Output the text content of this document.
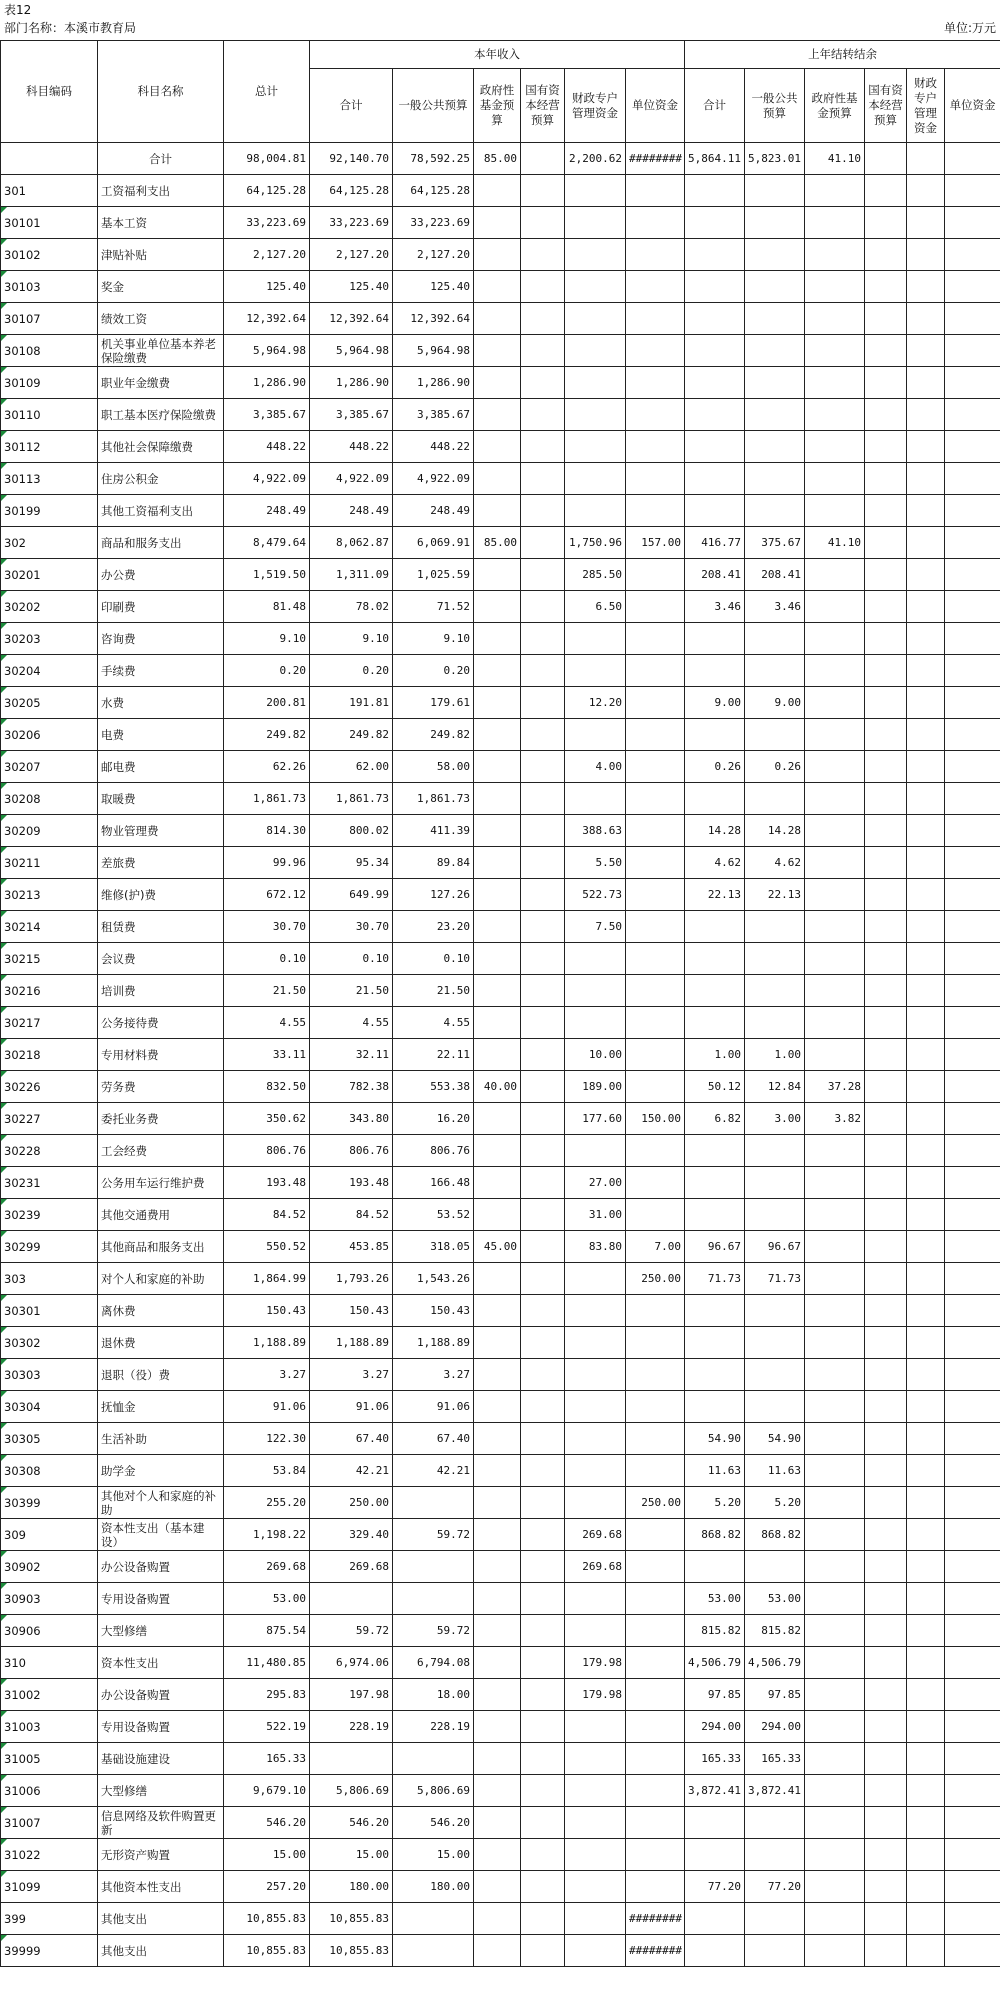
表12
部门名称：本溪市教育局	单位:万元
科目编码	科目名称	总计	本年收入						上年结转结余					
			合计	一般公共预算	政府性基金预算	国有资本经营预算	财政专户管理资金	单位资金	合计	一般公共预算	政府性基金预算	国有资本经营预算	财政专户管理资金	单位资金
	合计	98,004.81	92,140.70	78,592.25	85.00		2,200.62	########	5,864.11	5,823.01	41.10			
301	工资福利支出	64,125.28	64,125.28	64,125.28										
30101	基本工资	33,223.69	33,223.69	33,223.69										
30102	津贴补贴	2,127.20	2,127.20	2,127.20										
30103	奖金	125.40	125.40	125.40										
30107	绩效工资	12,392.64	12,392.64	12,392.64										
30108	机关事业单位基本养老保险缴费	5,964.98	5,964.98	5,964.98										
30109	职业年金缴费	1,286.90	1,286.90	1,286.90										
30110	职工基本医疗保险缴费	3,385.67	3,385.67	3,385.67										
30112	其他社会保障缴费	448.22	448.22	448.22										
30113	住房公积金	4,922.09	4,922.09	4,922.09										
30199	其他工资福利支出	248.49	248.49	248.49										
302	商品和服务支出	8,479.64	8,062.87	6,069.91	85.00		1,750.96	157.00	416.77	375.67	41.10			
30201	办公费	1,519.50	1,311.09	1,025.59			285.50		208.41	208.41				
30202	印刷费	81.48	78.02	71.52			6.50		3.46	3.46				
30203	咨询费	9.10	9.10	9.10										
30204	手续费	0.20	0.20	0.20										
30205	水费	200.81	191.81	179.61			12.20		9.00	9.00				
30206	电费	249.82	249.82	249.82										
30207	邮电费	62.26	62.00	58.00			4.00		0.26	0.26				
30208	取暖费	1,861.73	1,861.73	1,861.73										
30209	物业管理费	814.30	800.02	411.39			388.63		14.28	14.28				
30211	差旅费	99.96	95.34	89.84			5.50		4.62	4.62				
30213	维修(护)费	672.12	649.99	127.26			522.73		22.13	22.13				
30214	租赁费	30.70	30.70	23.20			7.50							
30215	会议费	0.10	0.10	0.10										
30216	培训费	21.50	21.50	21.50										
30217	公务接待费	4.55	4.55	4.55										
30218	专用材料费	33.11	32.11	22.11			10.00		1.00	1.00				
30226	劳务费	832.50	782.38	553.38	40.00		189.00		50.12	12.84	37.28			
30227	委托业务费	350.62	343.80	16.20			177.60	150.00	6.82	3.00	3.82			
30228	工会经费	806.76	806.76	806.76										
30231	公务用车运行维护费	193.48	193.48	166.48			27.00							
30239	其他交通费用	84.52	84.52	53.52			31.00							
30299	其他商品和服务支出	550.52	453.85	318.05	45.00		83.80	7.00	96.67	96.67				
303	对个人和家庭的补助	1,864.99	1,793.26	1,543.26				250.00	71.73	71.73				
30301	离休费	150.43	150.43	150.43										
30302	退休费	1,188.89	1,188.89	1,188.89										
30303	退职（役）费	3.27	3.27	3.27										
30304	抚恤金	91.06	91.06	91.06										
30305	生活补助	122.30	67.40	67.40					54.90	54.90				
30308	助学金	53.84	42.21	42.21					11.63	11.63				
30399	其他对个人和家庭的补助	255.20	250.00					250.00	5.20	5.20				
309	资本性支出（基本建设）	1,198.22	329.40	59.72			269.68		868.82	868.82				
30902	办公设备购置	269.68	269.68				269.68							
30903	专用设备购置	53.00							53.00	53.00				
30906	大型修缮	875.54	59.72	59.72					815.82	815.82				
310	资本性支出	11,480.85	6,974.06	6,794.08			179.98		4,506.79	4,506.79				
31002	办公设备购置	295.83	197.98	18.00			179.98		97.85	97.85				
31003	专用设备购置	522.19	228.19	228.19					294.00	294.00				
31005	基础设施建设	165.33							165.33	165.33				
31006	大型修缮	9,679.10	5,806.69	5,806.69					3,872.41	3,872.41				
31007	信息网络及软件购置更新	546.20	546.20	546.20										
31022	无形资产购置	15.00	15.00	15.00										
31099	其他资本性支出	257.20	180.00	180.00					77.20	77.20				
399	其他支出	10,855.83	10,855.83					########						
39999	其他支出	10,855.83	10,855.83					########						
